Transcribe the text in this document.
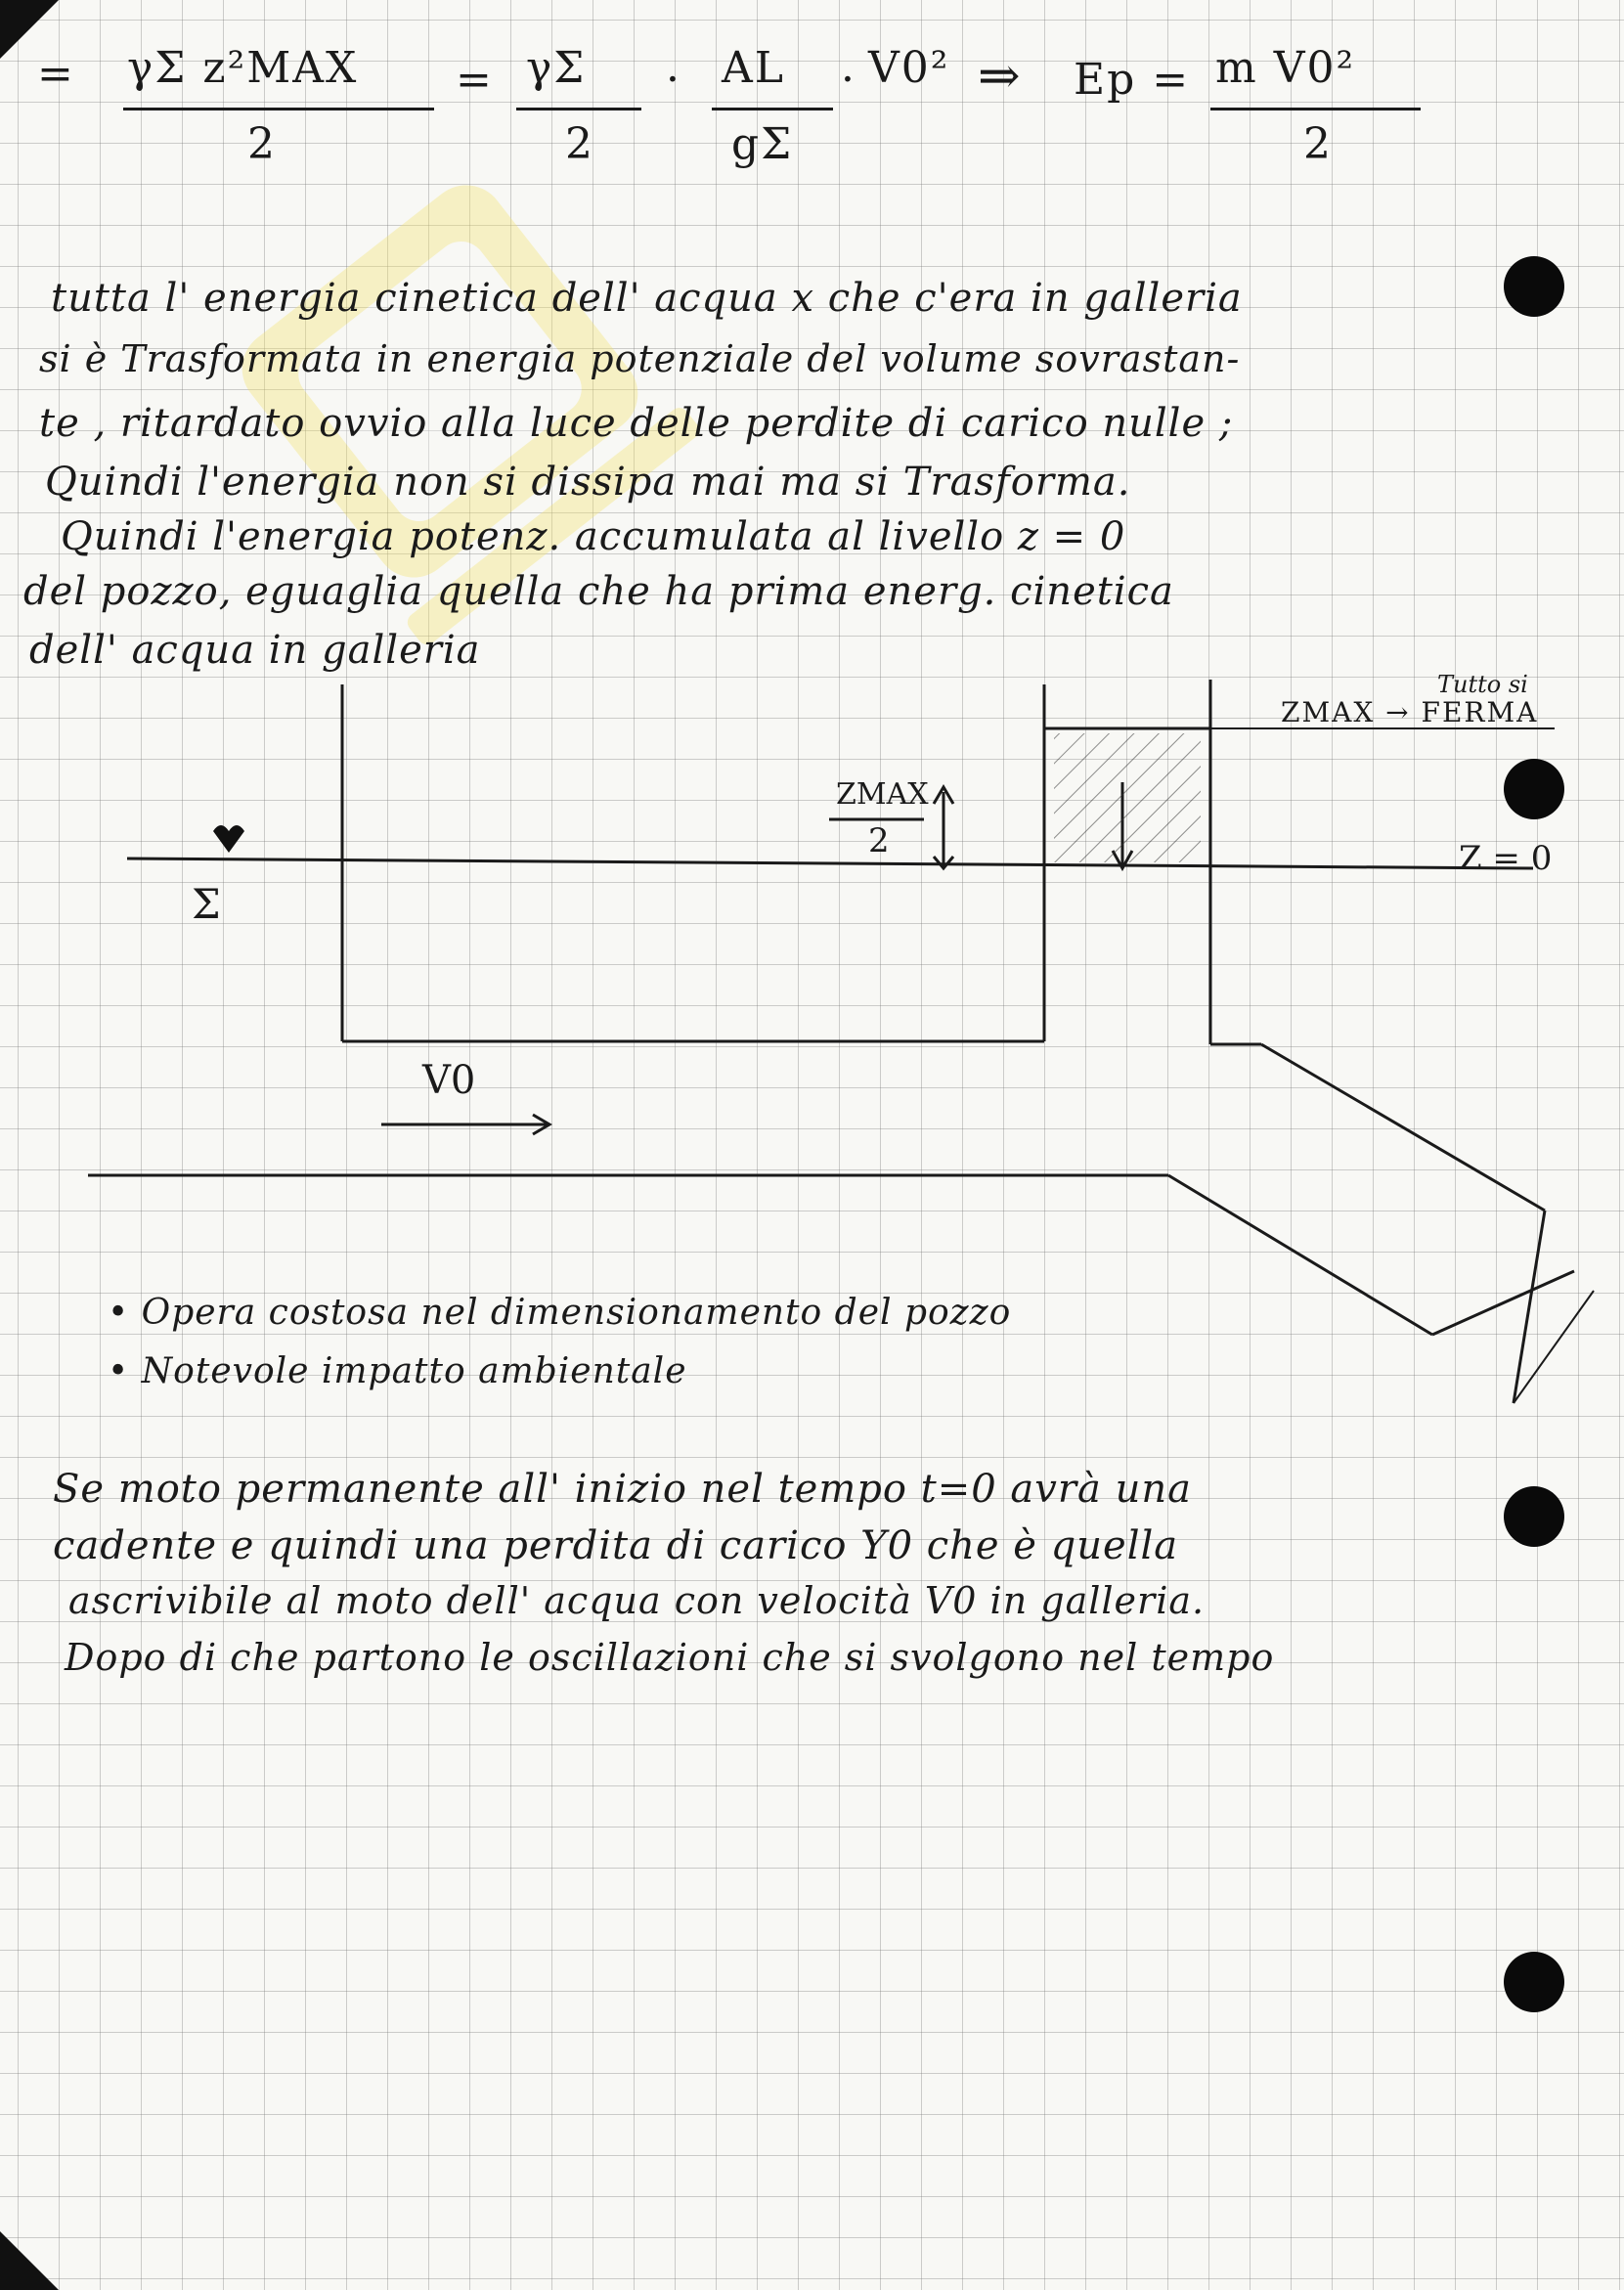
= γΣ z²MAX
2
= γΣ
2
· AL
gΣ
· V0² ⇒ Ep = m V0²
2

tutta l' energia cinetica dell' acqua x che c'era in galleria

si è Trasformata in energia potenziale del volume sovrastan-

te , ritardato ovvio alla luce delle perdite di carico nulle ;

Quindi l'energia non si dissipa mai ma si Trasforma.

Quindi l'energia potenz. accumulata al livello z = 0

del pozzo, eguaglia quella che ha prima energ. cinetica

dell' acqua in galleria

Tutto si
ZMAX → FERMA
ZMAX
2	Z = 0
Σ
V0

• Opera costosa nel dimensionamento del pozzo

• Notevole impatto ambientale

Se moto permanente all' inizio nel tempo t=0 avrà una

cadente e quindi una perdita di carico Y0 che è quella

ascrivibile al moto dell' acqua con velocità V0 in galleria.

Dopo di che partono le oscillazioni che si svolgono nel tempo
